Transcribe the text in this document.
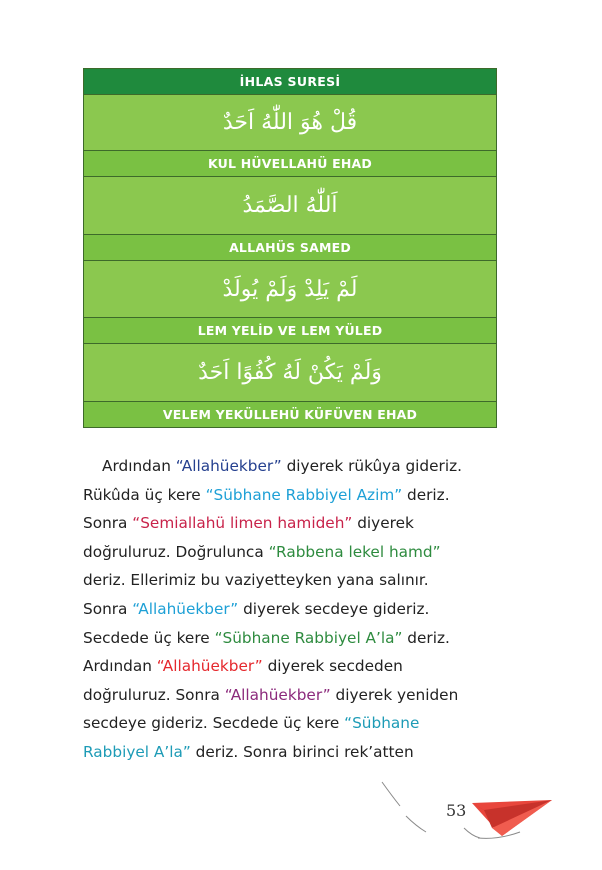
İHLAS SURESİ
قُلْ هُوَ اللّٰهُ اَحَدٌ
KUL HÜVELLAHÜ EHAD
اَللّٰهُ الصَّمَدُ
ALLAHÜS SAMED
لَمْ يَلِدْ وَلَمْ يُولَدْ
LEM YELİD VE LEM YÜLED
وَلَمْ يَكُنْ لَهُ كُفُوًا اَحَدٌ
VELEM YEKÜLLEHÜ KÜFÜVEN EHAD
Ardından “Allahüekber” diyerek rükûya gideriz.
Rükûda üç kere “Sübhane Rabbiyel Azim” deriz.
Sonra “Semiallahü limen hamideh” diyerek
doğruluruz. Doğrulunca “Rabbena lekel hamd”
deriz. Ellerimiz bu vaziyetteyken yana salınır.
Sonra “Allahüekber” diyerek secdeye gideriz.
Secdede üç kere “Sübhane Rabbiyel A’la” deriz.
Ardından “Allahüekber” diyerek secdeden
doğruluruz. Sonra “Allahüekber” diyerek yeniden
secdeye gideriz. Secdede üç kere “Sübhane
Rabbiyel A’la” deriz. Sonra birinci rek’atten
53
